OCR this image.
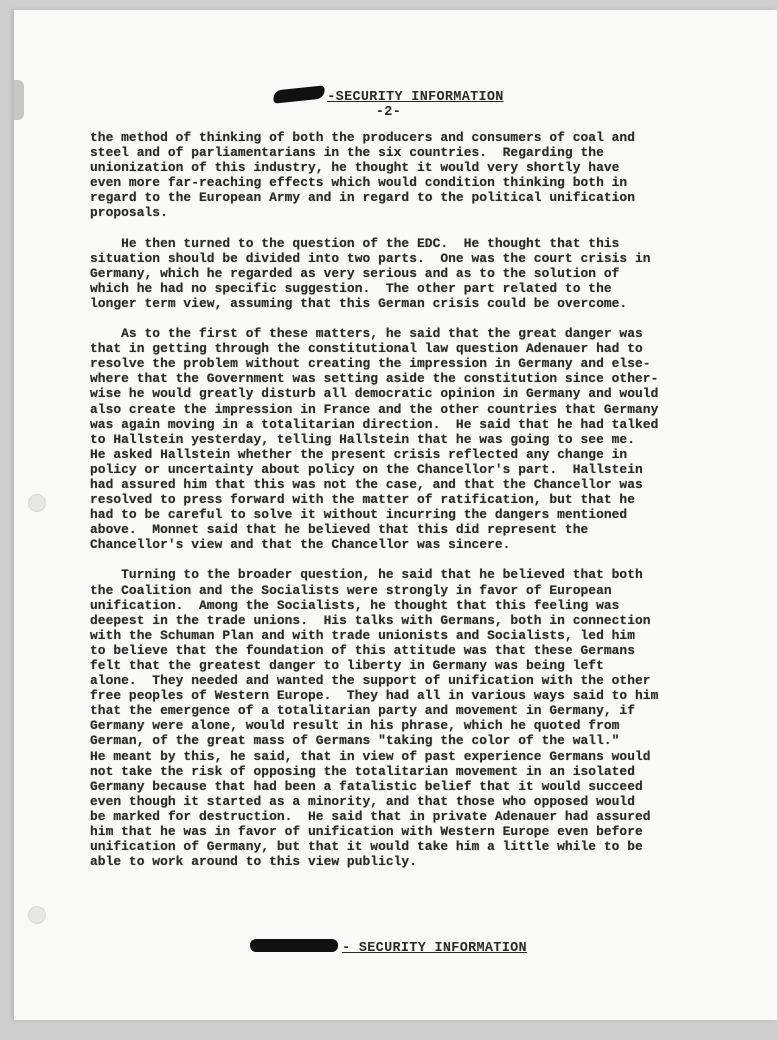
-SECURITY INFORMATION
-2-
the method of thinking of both the producers and consumers of coal and
steel and of parliamentarians in the six countries.  Regarding the
unionization of this industry, he thought it would very shortly have
even more far-reaching effects which would condition thinking both in
regard to the European Army and in regard to the political unification
proposals.
He then turned to the question of the EDC.  He thought that this
situation should be divided into two parts.  One was the court crisis in
Germany, which he regarded as very serious and as to the solution of
which he had no specific suggestion.  The other part related to the
longer term view, assuming that this German crisis could be overcome.
As to the first of these matters, he said that the great danger was
that in getting through the constitutional law question Adenauer had to
resolve the problem without creating the impression in Germany and else-
where that the Government was setting aside the constitution since other-
wise he would greatly disturb all democratic opinion in Germany and would
also create the impression in France and the other countries that Germany
was again moving in a totalitarian direction.  He said that he had talked
to Hallstein yesterday, telling Hallstein that he was going to see me.
He asked Hallstein whether the present crisis reflected any change in
policy or uncertainty about policy on the Chancellor's part.  Hallstein
had assured him that this was not the case, and that the Chancellor was
resolved to press forward with the matter of ratification, but that he
had to be careful to solve it without incurring the dangers mentioned
above.  Monnet said that he believed that this did represent the
Chancellor's view and that the Chancellor was sincere.
Turning to the broader question, he said that he believed that both
the Coalition and the Socialists were strongly in favor of European
unification.  Among the Socialists, he thought that this feeling was
deepest in the trade unions.  His talks with Germans, both in connection
with the Schuman Plan and with trade unionists and Socialists, led him
to believe that the foundation of this attitude was that these Germans
felt that the greatest danger to liberty in Germany was being left
alone.  They needed and wanted the support of unification with the other
free peoples of Western Europe.  They had all in various ways said to him
that the emergence of a totalitarian party and movement in Germany, if
Germany were alone, would result in his phrase, which he quoted from
German, of the great mass of Germans "taking the color of the wall."
He meant by this, he said, that in view of past experience Germans would
not take the risk of opposing the totalitarian movement in an isolated
Germany because that had been a fatalistic belief that it would succeed
even though it started as a minority, and that those who opposed would
be marked for destruction.  He said that in private Adenauer had assured
him that he was in favor of unification with Western Europe even before
unification of Germany, but that it would take him a little while to be
able to work around to this view publicly.
- SECURITY INFORMATION
